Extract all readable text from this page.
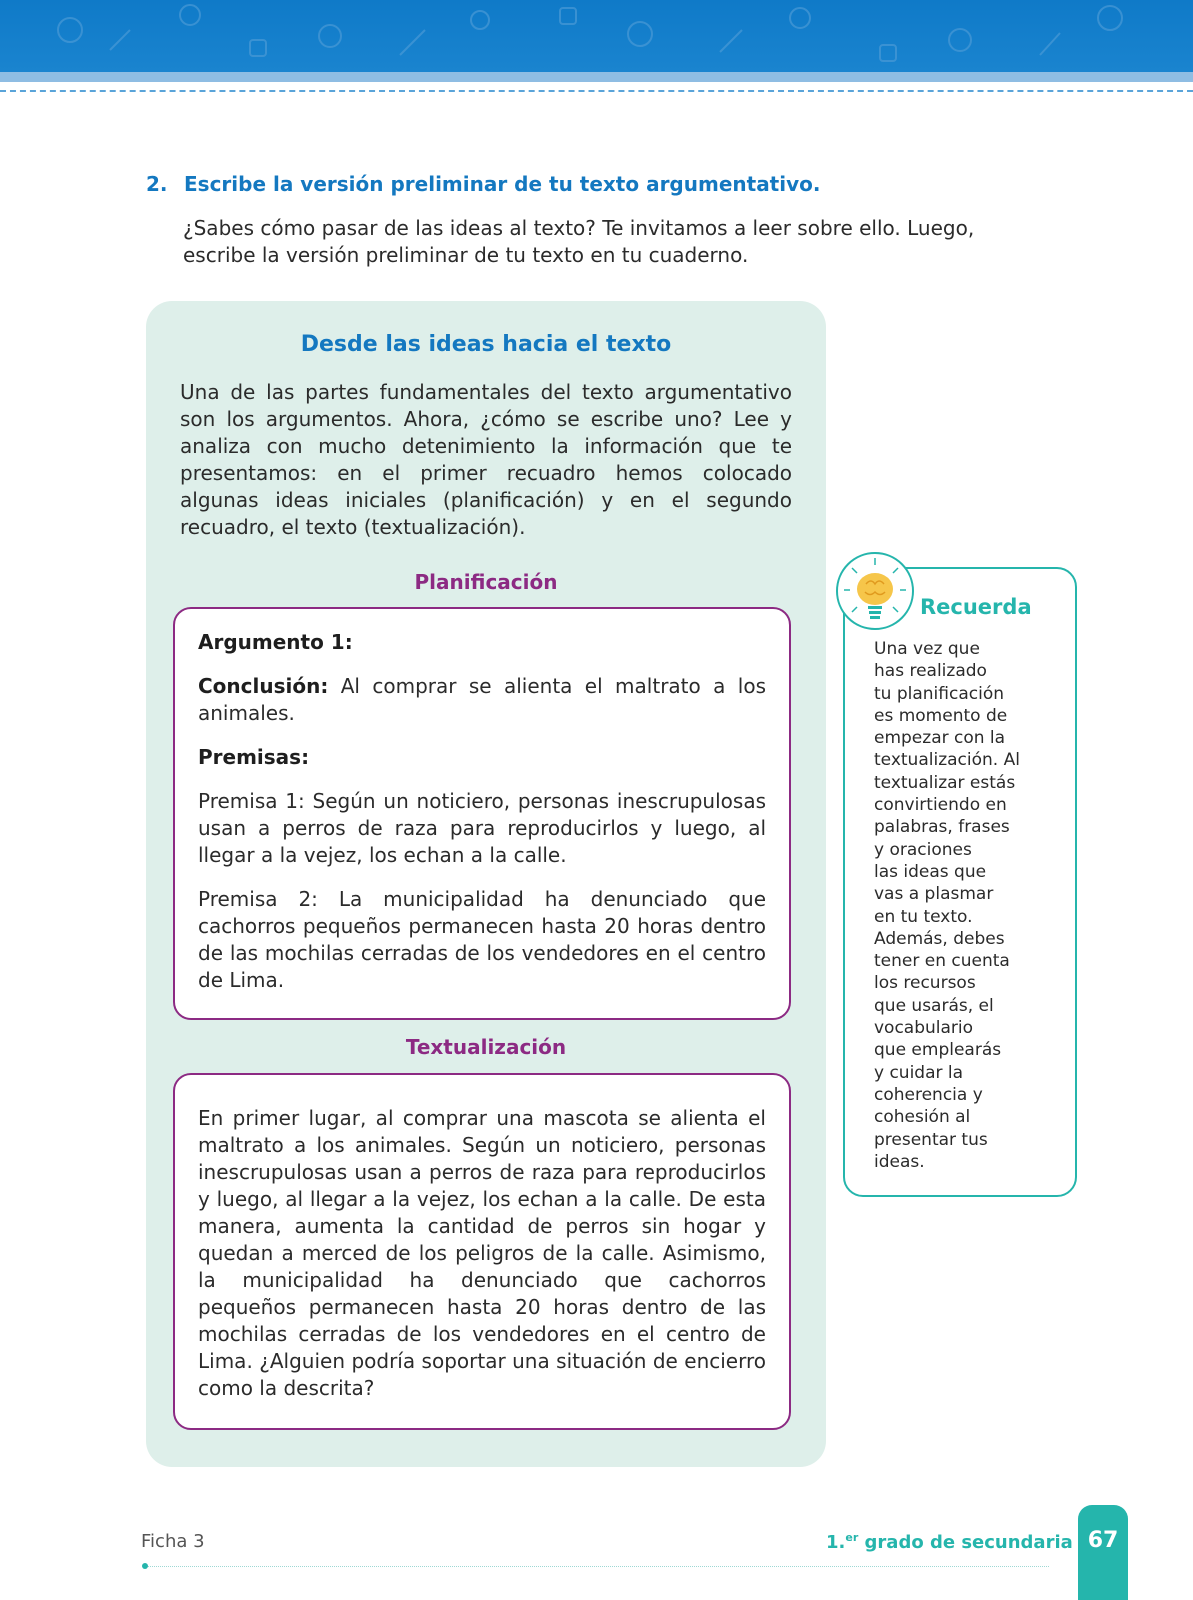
2. Escribe la versión preliminar de tu texto argumentativo.
¿Sabes cómo pasar de las ideas al texto? Te invitamos a leer sobre ello. Luego,
escribe la versión preliminar de tu texto en tu cuaderno.
Desde las ideas hacia el texto
Una de las partes fundamentales del texto argumentativo son los argumentos. Ahora, ¿cómo se escribe uno? Lee y analiza con mucho detenimiento la información que te presentamos: en el primer recuadro hemos colocado algunas ideas iniciales (planificación) y en el segundo recuadro, el texto (textualización).
Planificación
Argumento 1:
Conclusión: Al comprar se alienta el maltrato a los animales.
Premisas:
Premisa 1: Según un noticiero, personas inescrupulosas usan a perros de raza para reproducirlos y luego, al llegar a la vejez, los echan a la calle.
Premisa 2: La municipalidad ha denunciado que cachorros pequeños permanecen hasta 20 horas dentro de las mochilas cerradas de los vendedores en el centro de Lima.
Textualización
En primer lugar, al comprar una mascota se alienta el maltrato a los animales. Según un noticiero, personas inescrupulosas usan a perros de raza para reproducirlos y luego, al llegar a la vejez, los echan a la calle. De esta manera, aumenta la cantidad de perros sin hogar y quedan a merced de los peligros de la calle. Asimismo, la municipalidad ha denunciado que cachorros pequeños permanecen hasta 20 horas dentro de las mochilas cerradas de los vendedores en el centro de Lima. ¿Alguien podría soportar una situación de encierro como la descrita?
Recuerda
Una vez que
has realizado
tu planificación
es momento de
empezar con la
textualización. Al
textualizar estás
convirtiendo en
palabras, frases
y oraciones
las ideas que
vas a plasmar
en tu texto.
Además, debes
tener en cuenta
los recursos
que usarás, el
vocabulario
que emplearás
y cuidar la
coherencia y
cohesión al
presentar tus
ideas.
Ficha 3	1.$^{er}$ grado de secundaria 67
